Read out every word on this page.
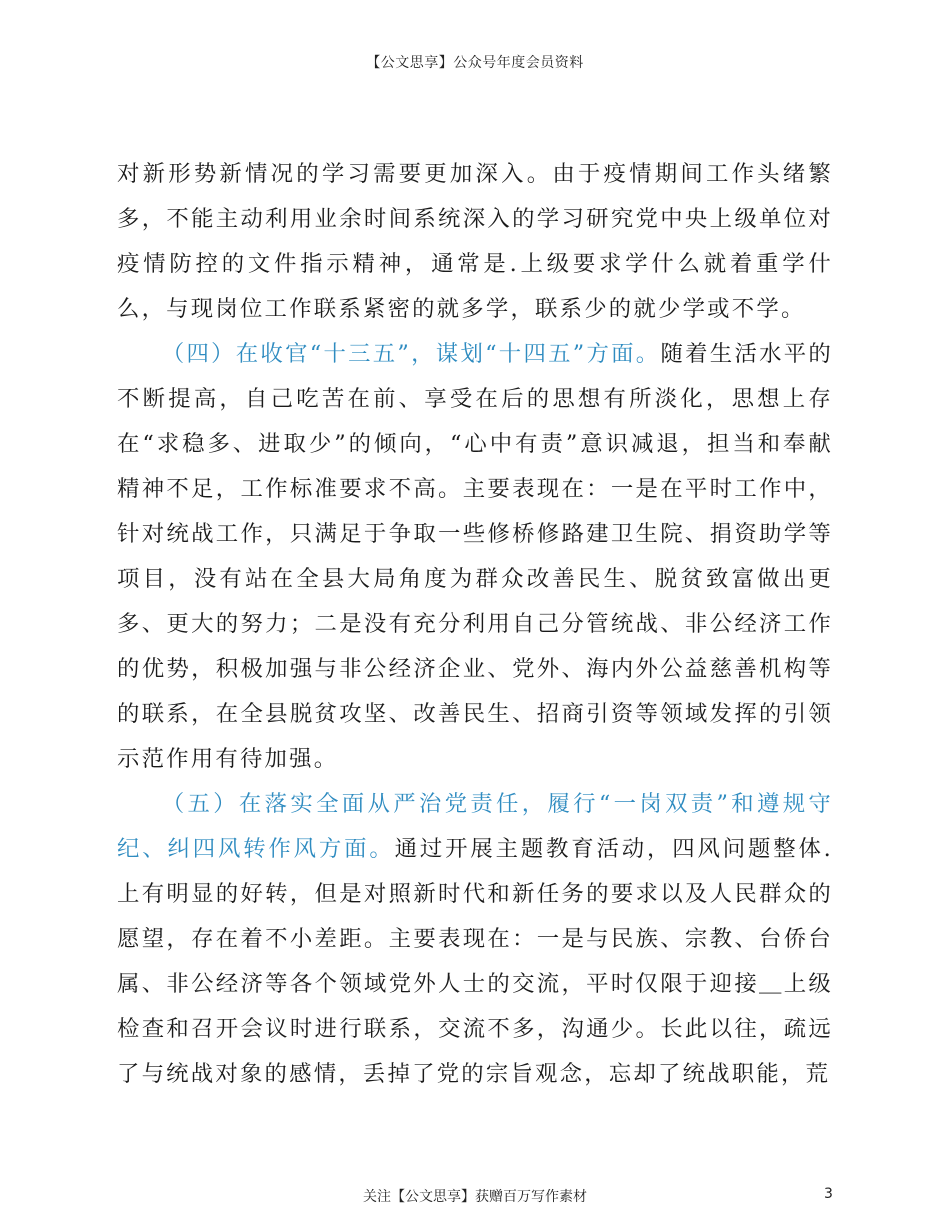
【公文思享】公众号年度会员资料

对新形势新情况的学习需要更加深入。由于疫情期间工作头绪繁多，不能主动利用业余时间系统深入的学习研究党中央上级单位对疫情防控的文件指示精神，通常是.上级要求学什么就着重学什么，与现岗位工作联系紧密的就多学，联系少的就少学或不学。

（四）在收官“十三五”，谋划“十四五”方面。随着生活水平的不断提高，自己吃苦在前、享受在后的思想有所淡化，思想上存在“求稳多、进取少”的倾向，“心中有责”意识减退，担当和奉献精神不足，工作标准要求不高。主要表现在：一是在平时工作中，针对统战工作，只满足于争取一些修桥修路建卫生院、捐资助学等项目，没有站在全县大局角度为群众改善民生、脱贫致富做出更多、更大的努力；二是没有充分利用自己分管统战、非公经济工作的优势，积极加强与非公经济企业、党外、海内外公益慈善机构等的联系，在全县脱贫攻坚、改善民生、招商引资等领域发挥的引领示范作用有待加强。

（五）在落实全面从严治党责任，履行“一岗双责”和遵规守纪、纠四风转作风方面。通过开展主题教育活动，四风问题整体.上有明显的好转，但是对照新时代和新任务的要求以及人民群众的愿望，存在着不小差距。主要表现在：一是与民族、宗教、台侨台属、非公经济等各个领域党外人士的交流，平时仅限于迎接＿上级检查和召开会议时进行联系，交流不多，沟通少。长此以往，疏远了与统战对象的感情，丢掉了党的宗旨观念，忘却了统战职能，荒

关注【公文思享】获赠百万写作素材	3
